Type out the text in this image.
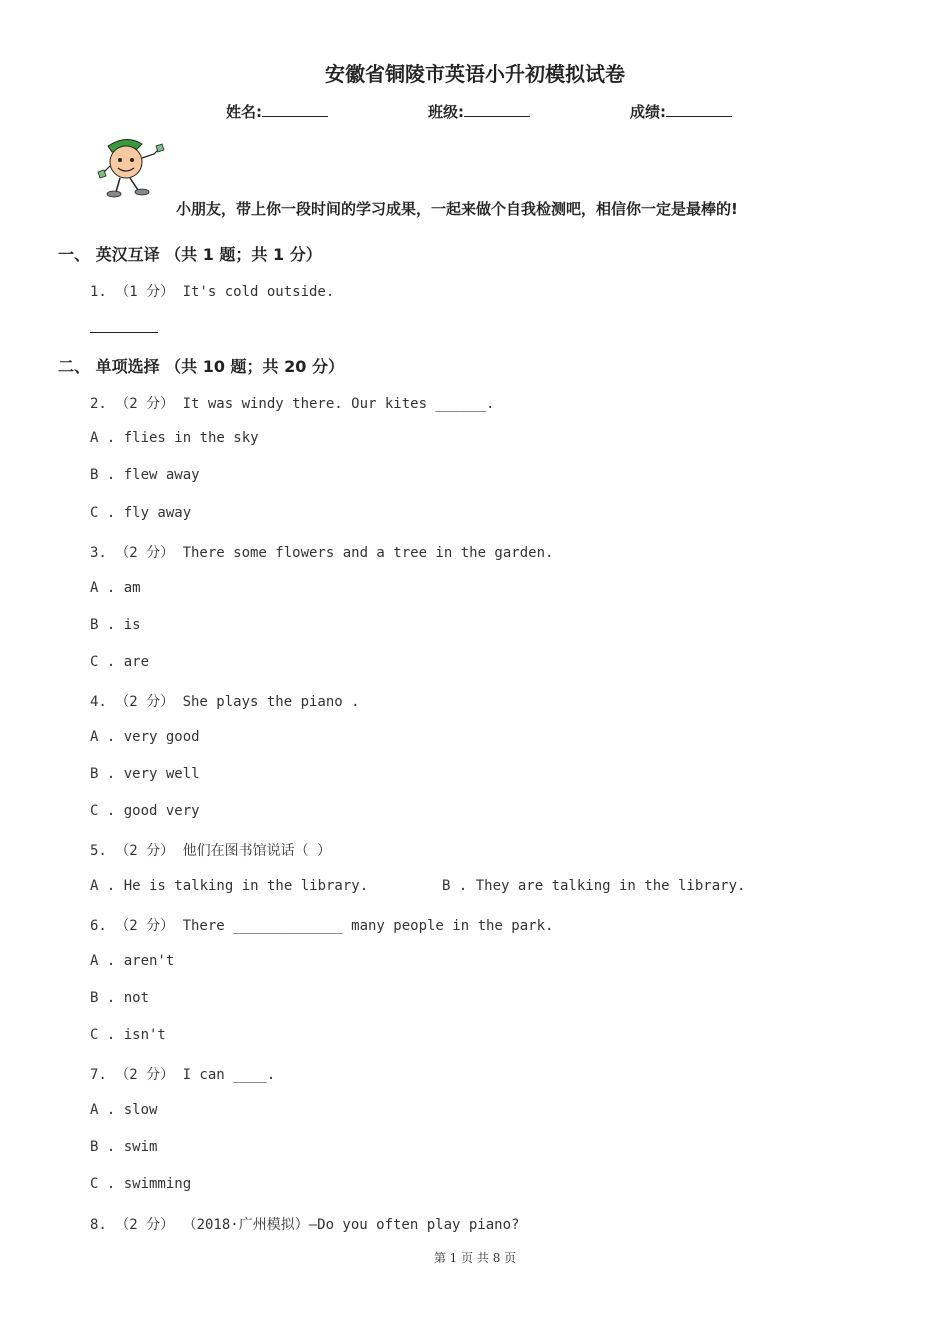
安徽省铜陵市英语小升初模拟试卷
姓名:	班级:	成绩:
小朋友，带上你一段时间的学习成果，一起来做个自我检测吧，相信你一定是最棒的!
一、 英汉互译 （共 1 题；共 1 分）
1. （1 分） It's cold outside.
二、 单项选择 （共 10 题；共 20 分）
2. （2 分） It was windy there. Our kites ______.
A . flies in the sky
B . flew away
C . fly away
3. （2 分） There some flowers and a tree in the garden.
A . am
B . is
C . are
4. （2 分） She plays the piano .
A . very good
B . very well
C . good very
5. （2 分） 他们在图书馆说话（ ）
A . He is talking in the library.	B . They are talking in the library.
6. （2 分） There _____________ many people in the park.
A . aren't
B . not
C . isn't
7. （2 分） I can ____.
A . slow
B . swim
C . swimming
8. （2 分） （2018·广州模拟）—Do you often play piano?
第 1 页 共 8 页
